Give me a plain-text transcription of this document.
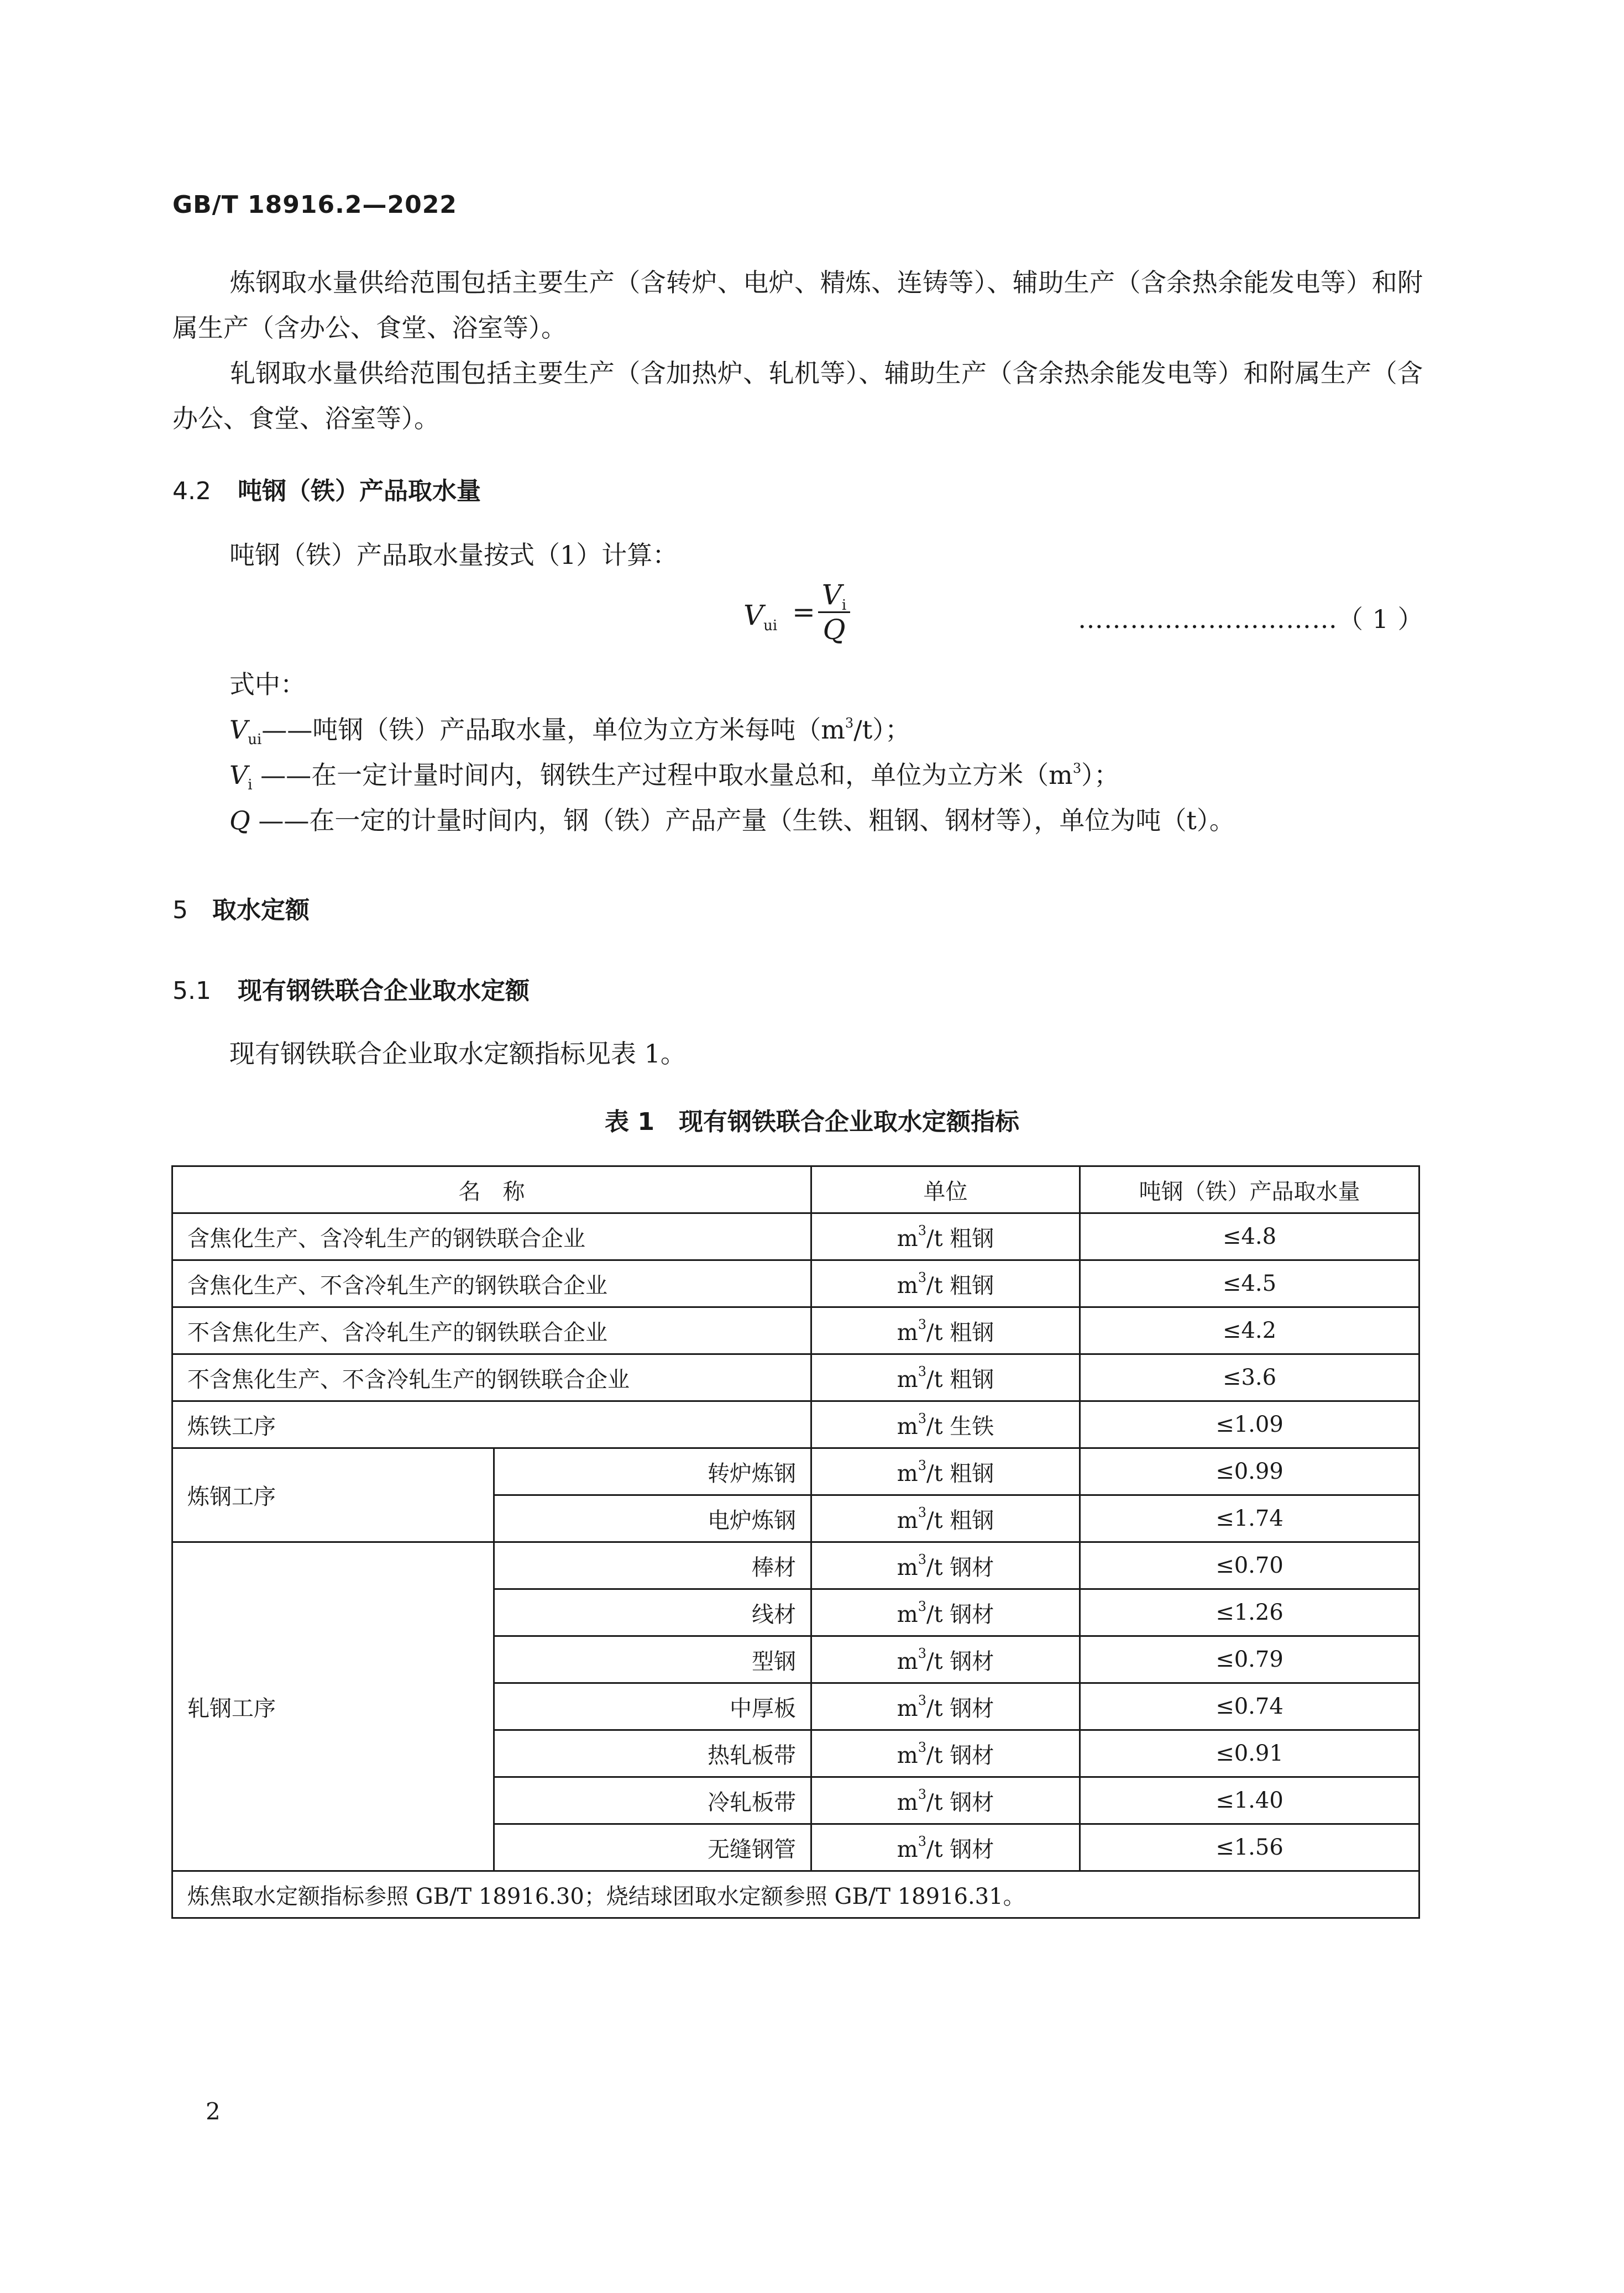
GB/T 18916.2—2022
炼钢取水量供给范围包括主要生产（含转炉、电炉、精炼、连铸等）、辅助生产（含余热余能发电等）和附属生产（含办公、食堂、浴室等）。
轧钢取水量供给范围包括主要生产（含加热炉、轧机等）、辅助生产（含余热余能发电等）和附属生产（含办公、食堂、浴室等）。
4.2 吨钢（铁）产品取水量
吨钢（铁）产品取水量按式（1）计算：
$V_{ui}$ =
$V_i$
Q	…………………………（ 1 ）
式中：
$V_{ui}——$吨钢（铁）产品取水量，单位为立方米每吨$(m^3/t)$；
$V_i$ ——在一定计量时间内，钢铁生产过程中取水量总和，单位为立方米$(m^3)$；
Q ——在一定的计量时间内，钢（铁）产品产量（生铁、粗钢、钢材等），单位为吨（t）。
5 取水定额
5.1 现有钢铁联合企业取水定额
现有钢铁联合企业取水定额指标见表 1。
表 1　现有钢铁联合企业取水定额指标
名　称		单位	吨钢（铁）产品取水量
含焦化生产、含冷轧生产的钢铁联合企业		$m^3/t$ 粗钢	≤4.8
含焦化生产、不含冷轧生产的钢铁联合企业		$m^3/t$ 粗钢	≤4.5
不含焦化生产、含冷轧生产的钢铁联合企业		$m^3/t$ 粗钢	≤4.2
不含焦化生产、不含冷轧生产的钢铁联合企业		$m^3/t$ 粗钢	≤3.6
炼铁工序		$m^3/t$ 生铁	≤1.09
炼钢工序	转炉炼钢	$m^3/t$ 粗钢	≤0.99
	电炉炼钢	$m^3/t$ 粗钢	≤1.74
轧钢工序	棒材	$m^3/t$ 钢材	≤0.70
	线材	$m^3/t$ 钢材	≤1.26
	型钢	$m^3/t$ 钢材	≤0.79
	中厚板	$m^3/t$ 钢材	≤0.74
	热轧板带	$m^3/t$ 钢材	≤0.91
	冷轧板带	$m^3/t$ 钢材	≤1.40
	无缝钢管	$m^3/t$ 钢材	≤1.56
炼焦取水定额指标参照 GB/T 18916.30；烧结球团取水定额参照 GB/T 18916.31。			
2
